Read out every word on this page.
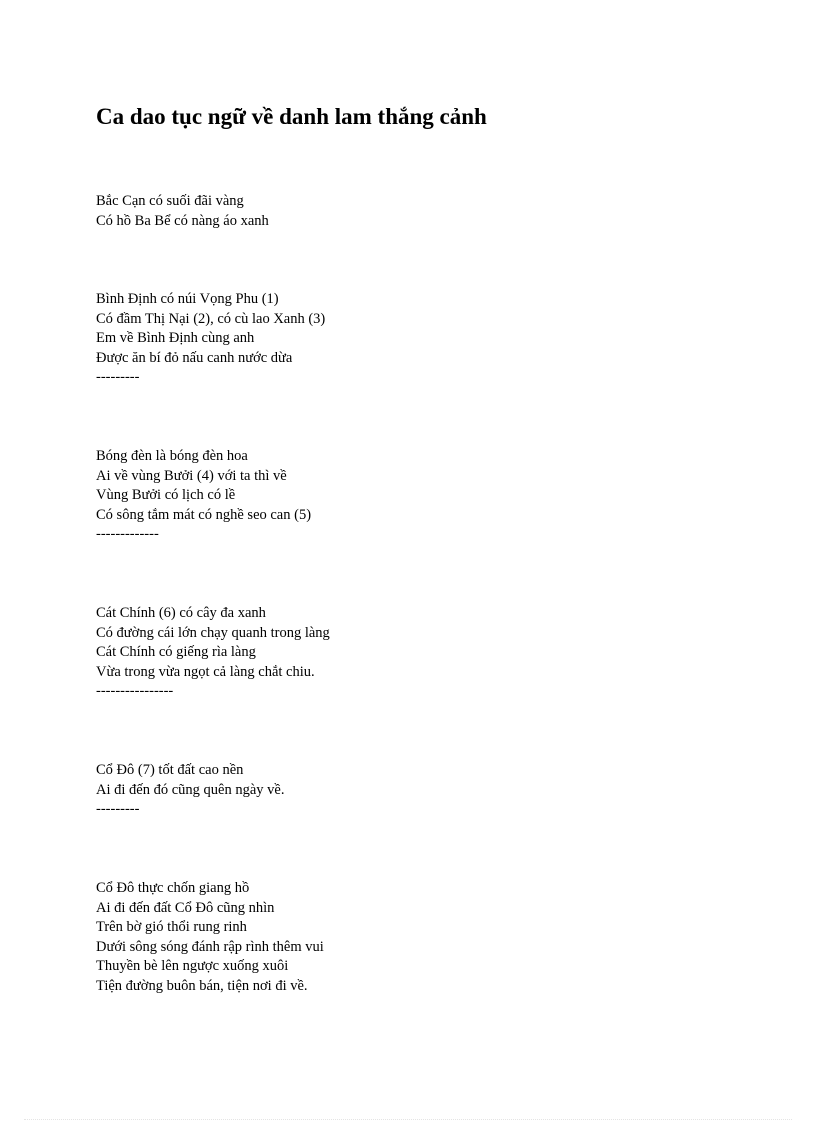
Ca dao tục ngữ về danh lam thắng cảnh
Bắc Cạn có suối đãi vàng
Có hồ Ba Bể có nàng áo xanh
Bình Định có núi Vọng Phu (1)
Có đầm Thị Nại (2), có cù lao Xanh (3)
Em về Bình Định cùng anh
Được ăn bí đỏ nấu canh nước dừa
---------
Bóng đèn là bóng đèn hoa
Ai về vùng Bưởi (4) với ta thì về
Vùng Bưởi có lịch có lề
Có sông tắm mát có nghề seo can (5)
-------------
Cát Chính (6) có cây đa xanh
Có đường cái lớn chạy quanh trong làng
Cát Chính có giếng rìa làng
Vừa trong vừa ngọt cả làng chắt chiu.
----------------
Cổ Đô (7) tốt đất cao nền
Ai đi đến đó cũng quên ngày về.
---------
Cổ Đô thực chốn giang hồ
Ai đi đến đất Cổ Đô cũng nhìn
Trên bờ gió thổi rung rinh
Dưới sông sóng đánh rập rình thêm vui
Thuyền bè lên ngược xuống xuôi
Tiện đường buôn bán, tiện nơi đi về.
